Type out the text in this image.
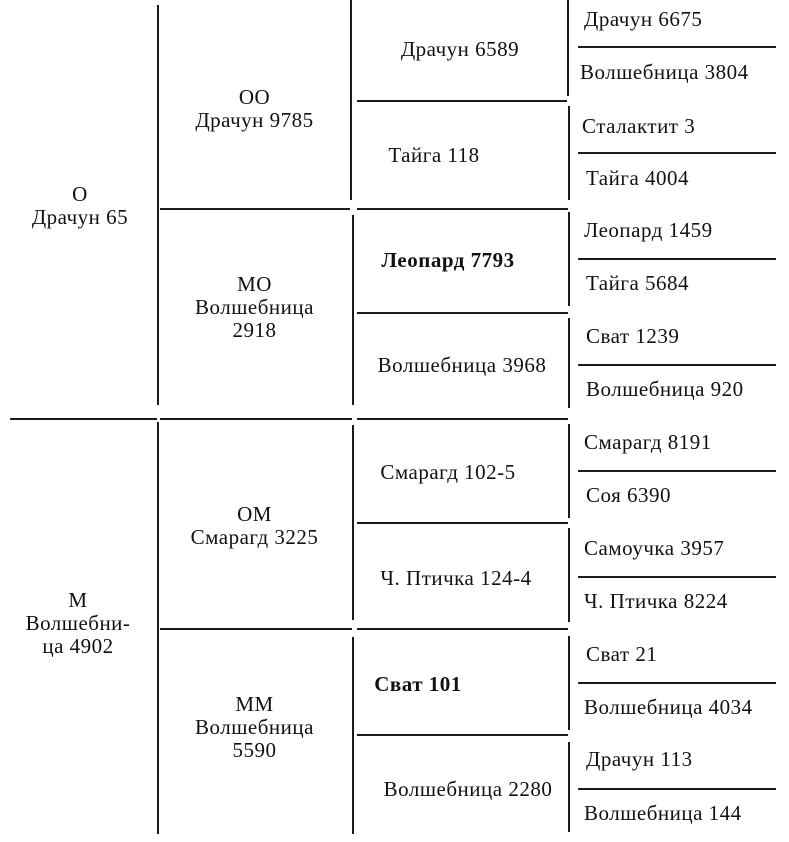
О
Драчун 65
М
Волшебни-
ца 4902
ОО
Драчун 9785
МО
Волшебница
2918
ОМ
Смарагд 3225
ММ
Волшебница
5590
Драчун 6589
Тайга 118
Леопард 7793
Волшебница 3968
Смарагд 102-5
Ч. Птичка 124-4
Сват 101
Волшебница 2280
Драчун 6675
Волшебница 3804
Сталактит 3
Тайга 4004
Леопард 1459
Тайга 5684
Сват 1239
Волшебница 920
Смарагд 8191
Соя 6390
Самоучка 3957
Ч. Птичка 8224
Сват 21
Волшебница 4034
Драчун 113
Волшебница 144
